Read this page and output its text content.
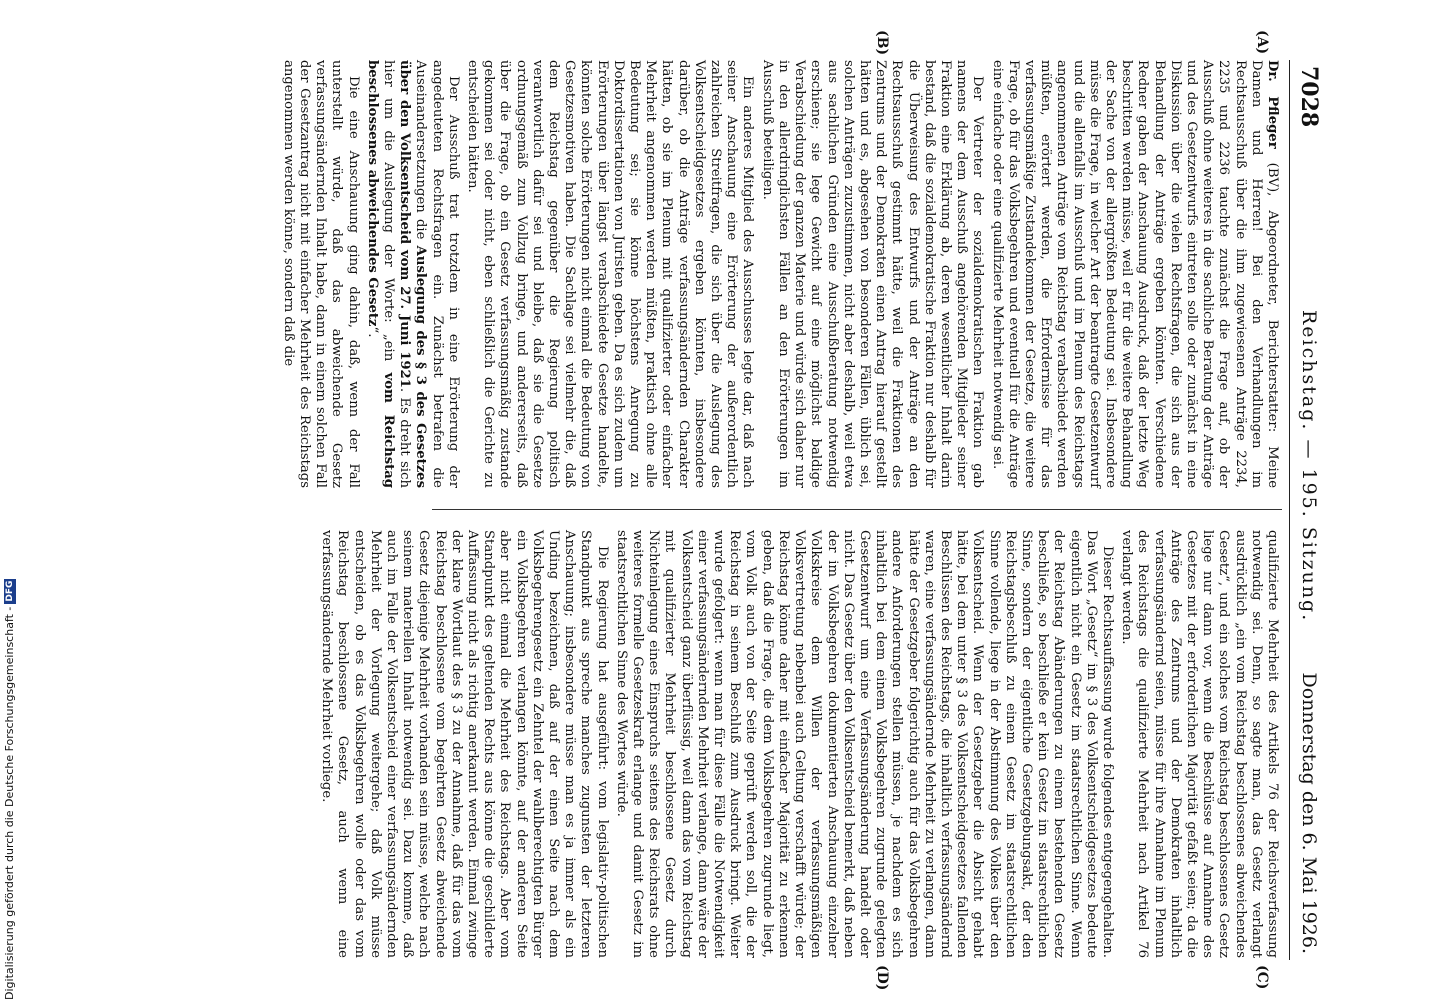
7028
Reichstag. — 195. Sitzung.
Donnerstag den 6. Mai 1926.
(A)
(B)
(C)
(D)

Dr. Pfleger (BV), Abgeordneter, Berichterstatter: Meine Damen und Herren! Bei den Verhandlungen im Rechtsausschuß über die ihm zugewiesenen Anträge 2234, 2235 und 2236 tauchte zunächst die Frage auf, ob der Ausschuß ohne weiteres in die sachliche Beratung der Anträge und des Gesetzentwurfs eintreten solle oder zunächst in eine Diskussion über die vielen Rechtsfragen, die sich aus der Behandlung der Anträge ergeben könnten. Verschiedene Redner gaben der Anschauung Ausdruck, daß der letzte Weg beschritten werden müsse, weil er für die weitere Behandlung der Sache von der allergrößten Bedeutung sei. Insbesondere müsse die Frage, in welcher Art der beantragte Gesetzentwurf und die allenfalls im Ausschuß und im Plenum des Reichstags angenommenen Anträge vom Reichstag verabschiedet werden müßten, erörtert werden, die Erfordernisse für das verfassungsmäßige Zustandekommen der Gesetze, die weitere Frage, ob für das Volksbegehren und eventuell für die Anträge eine einfache oder eine qualifizierte Mehrheit notwendig sei.

Der Vertreter der sozialdemokratischen Fraktion gab namens der dem Ausschuß angehörenden Mitglieder seiner Fraktion eine Erklärung ab, deren wesentlicher Inhalt darin bestand, daß die sozialdemokratische Fraktion nur deshalb für die Überweisung des Entwurfs und der Anträge an den Rechtsausschuß gestimmt hätte, weil die Fraktionen des Zentrums und der Demokraten einen Antrag hierauf gestellt hätten und es, abgesehen von besonderen Fällen, üblich sei, solchen Anträgen zuzustimmen, nicht aber deshalb, weil etwa aus sachlichen Gründen eine Ausschußberatung notwendig erschiene; sie lege Gewicht auf eine möglichst baldige Verabschiedung der ganzen Materie und würde sich daher nur in den allerdringlichsten Fällen an den Erörterungen im Ausschuß beteiligen.

Ein anderes Mitglied des Ausschusses legte dar, daß nach seiner Anschauung eine Erörterung der außerordentlich zahlreichen Streitfragen, die sich über die Auslegung des Volksentscheidgesetzes ergeben könnten, insbesondere darüber, ob die Anträge verfassungsändernden Charakter hätten, ob sie im Plenum mit qualifizierter oder einfacher Mehrheit angenommen werden müßten, praktisch ohne alle Bedeutung sei; sie könne höchstens Anregung zu Doktordissertationen von Juristen geben. Da es sich zudem um Erörterungen über längst verabschiedete Gesetze handelte, könnten solche Erörterungen nicht einmal die Bedeutung von Gesetzesmotiven haben. Die Sachlage sei vielmehr die, daß dem Reichstag gegenüber die Regierung politisch verantwortlich dafür sei und bleibe, daß sie die Gesetze ordnungsgemäß zum Vollzug bringe, und andererseits, daß über die Frage, ob ein Gesetz verfassungsmäßig zustande gekommen sei oder nicht, eben schließlich die Gerichte zu entscheiden hätten.

Der Ausschuß trat trotzdem in eine Erörterung der angedeuteten Rechtsfragen ein. Zunächst betrafen die Auseinandersetzungen die Auslegung des § 3 des Gesetzes über den Volksentscheid vom 27. Juni 1921. Es dreht sich hier um die Auslegung der Worte: „ein vom Reichstag beschlossenes abweichendes Gesetz“.

Die eine Anschauung ging dahin, daß, wenn der Fall unterstellt würde, daß das abweichende Gesetz verfassungsändernden Inhalt habe, dann in einem solchen Fall der Gesetzantrag nicht mit einfacher Mehrheit des Reichstags angenommen werden könne, sondern daß die

qualifizierte Mehrheit des Artikels 76 der Reichsverfassung notwendig sei. Denn, so sagte man, das Gesetz verlangt ausdrücklich „ein vom Reichstag beschlossenes abweichendes Gesetz“, und ein solches vom Reichstag beschlossenes Gesetz liege nur dann vor, wenn die Beschlüsse auf Annahme des Gesetzes mit der erforderlichen Majorität gefaßt seien; da die Anträge des Zentrums und der Demokraten inhaltlich verfassungsändernd seien, müsse für ihre Annahme im Plenum des Reichstags die qualifizierte Mehrheit nach Artikel 76 verlangt werden.

Dieser Rechtsauffassung wurde folgendes entgegengehalten. Das Wort „Gesetz“ im § 3 des Volksentscheidgesetzes bedeute eigentlich nicht ein Gesetz im staatsrechtlichen Sinne. Wenn der Reichstag Abänderungen zu einem bestehenden Gesetz beschließe, so beschließe er kein Gesetz im staatsrechtlichen Sinne, sondern der eigentliche Gesetzgebungsakt, der den Reichstagsbeschluß zu einem Gesetz im staatsrechtlichen Sinne vollende, liege in der Abstimmung des Volkes über den Volksentscheid. Wenn der Gesetzgeber die Absicht gehabt hätte, bei dem unter § 3 des Volksentscheidgesetzes fallenden Beschlüssen des Reichstags, die inhaltlich verfassungsändernd waren, eine verfassungsändernde Mehrheit zu verlangen, dann hätte der Gesetzgeber folgerichtig auch für das Volksbegehren andere Anforderungen stellen müssen, je nachdem es sich inhaltlich bei dem einem Volksbegehren zugrunde gelegten Gesetzentwurf um eine Verfassungsänderung handelt oder nicht. Das Gesetz über den Volksentscheid bemerkt, daß neben der im Volksbegehren dokumentierten Anschauung einzelner Volkskreise dem Willen der verfassungsmäßigen Volksvertretung nebenbei auch Geltung verschafft würde; der Reichstag könne daher mit einfacher Majorität zu erkennen geben, daß die Frage, die dem Volksbegehren zugrunde liegt, vom Volk auch von der Seite geprüft werden soll, die der Reichstag in seinem Beschluß zum Ausdruck bringt. Weiter wurde gefolgert: wenn man für diese Fälle die Notwendigkeit einer verfassungsändernden Mehrheit verlange, dann wäre der Volksentscheid ganz überflüssig, weil dann das vom Reichstag mit qualifizierter Mehrheit beschlossene Gesetz durch Nichteinlegung eines Einspruchs seitens des Reichsrats ohne weiteres formelle Gesetzeskraft erlange und damit Gesetz im staatsrechtlichen Sinne des Wortes würde.

Die Regierung hat ausgeführt: vom legislativ-politischen Standpunkt aus spreche manches zugunsten der letzteren Anschauung; insbesondere müsse man es ja immer als ein Unding bezeichnen, daß auf der einen Seite nach dem Volksbegehrengesetz ein Zehntel der wahlberechtigten Bürger ein Volksbegehren verlangen könnte, auf der anderen Seite aber nicht einmal die Mehrheit des Reichstags. Aber vom Standpunkt des geltenden Rechts aus könne die geschilderte Auffassung nicht als richtig anerkannt werden. Einmal zwinge der klare Wortlaut des § 3 zu der Annahme, daß für das vom Reichstag beschlossene vom begehrten Gesetz abweichende Gesetz diejenige Mehrheit vorhanden sein müsse, welche nach seinem materiellen Inhalt notwendig sei. Dazu komme, daß auch im Falle der Volksentscheid einer verfassungsändernden Mehrheit der Vorlegung weitergehe; daß Volk müsse entscheiden, ob es das Volksbegehren wolle oder das vom Reichstag beschlossene Gesetz, auch wenn eine verfassungsändernde Mehrheit vorliege.

Digitalisierung gefördert durch die Deutsche Forschungsgemeinschaft -DFG
